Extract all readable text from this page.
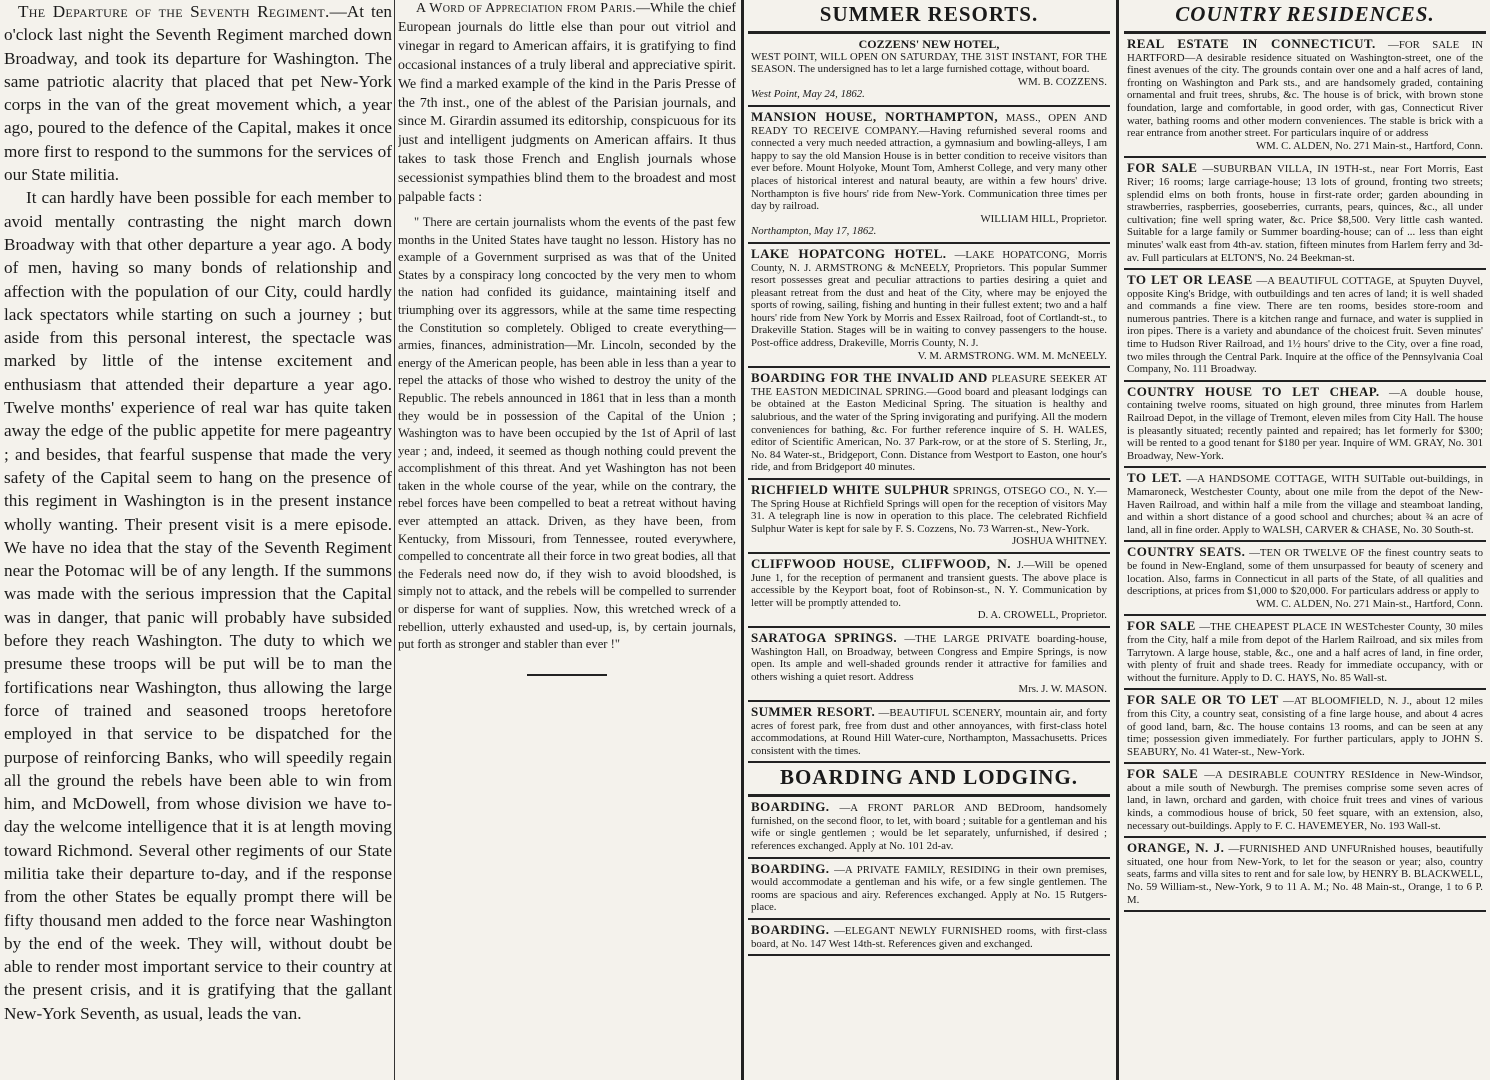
The Departure of the Seventh Regiment.—At ten o'clock last night the Seventh Regiment marched down Broadway, and took its departure for Washington. The same patriotic alacrity that placed that pet New-York corps in the van of the great movement which, a year ago, poured to the defence of the Capital, makes it once more first to respond to the summons for the services of our State militia.

It can hardly have been possible for each member to avoid mentally contrasting the night march down Broadway with that other departure a year ago. A body of men, having so many bonds of relationship and affection with the population of our City, could hardly lack spectators while starting on such a journey ; but aside from this personal interest, the spectacle was marked by little of the intense excitement and enthusiasm that attended their departure a year ago. Twelve months' experience of real war has quite taken away the edge of the public appetite for mere pageantry ; and besides, that fearful suspense that made the very safety of the Capital seem to hang on the presence of this regiment in Washington is in the present instance wholly wanting. Their present visit is a mere episode. We have no idea that the stay of the Seventh Regiment near the Potomac will be of any length. If the summons was made with the serious impression that the Capital was in danger, that panic will probably have subsided before they reach Washington. The duty to which we presume these troops will be put will be to man the fortifications near Washington, thus allowing the large force of trained and seasoned troops heretofore employed in that service to be dispatched for the purpose of reinforcing Banks, who will speedily regain all the ground the rebels have been able to win from him, and McDowell, from whose division we have to-day the welcome intelligence that it is at length moving toward Richmond. Several other regiments of our State militia take their departure to-day, and if the response from the other States be equally prompt there will be fifty thousand men added to the force near Washington by the end of the week. They will, without doubt be able to render most important service to their country at the present crisis, and it is gratifying that the gallant New-York Seventh, as usual, leads the van.

A Word of Appreciation from Paris.—While the chief European journals do little else than pour out vitriol and vinegar in regard to American affairs, it is gratifying to find occasional instances of a truly liberal and appreciative spirit. We find a marked example of the kind in the Paris Presse of the 7th inst., one of the ablest of the Parisian journals, and since M. Girardin assumed its editorship, conspicuous for its just and intelligent judgments on American affairs. It thus takes to task those French and English journals whose secessionist sympathies blind them to the broadest and most palpable facts :

" There are certain journalists whom the events of the past few months in the United States have taught no lesson. History has no example of a Government surprised as was that of the United States by a conspiracy long concocted by the very men to whom the nation had confided its guidance, maintaining itself and triumphing over its aggressors, while at the same time respecting the Constitution so completely. Obliged to create everything—armies, finances, administration—Mr. Lincoln, seconded by the energy of the American people, has been able in less than a year to repel the attacks of those who wished to destroy the unity of the Republic. The rebels announced in 1861 that in less than a month they would be in possession of the Capital of the Union ; Washington was to have been occupied by the 1st of April of last year ; and, indeed, it seemed as though nothing could prevent the accomplishment of this threat. And yet Washington has not been taken in the whole course of the year, while on the contrary, the rebel forces have been compelled to beat a retreat without having ever attempted an attack. Driven, as they have been, from Kentucky, from Missouri, from Tennessee, routed everywhere, compelled to concentrate all their force in two great bodies, all that the Federals need now do, if they wish to avoid bloodshed, is simply not to attack, and the rebels will be compelled to surrender or disperse for want of supplies. Now, this wretched wreck of a rebellion, utterly exhausted and used-up, is, by certain journals, put forth as stronger and stabler than ever !"

SUMMER RESORTS.
COZZENS' NEW HOTEL,
WEST POINT, WILL OPEN ON SATURDAY, THE 31ST INSTANT, FOR THE SEASON. The undersigned has to let a large furnished cottage, without board.
WM. B. COZZENS.
West Point, May 24, 1862.
MANSION HOUSE, NORTHAMPTON, MASS., OPEN AND READY TO RECEIVE COMPANY.—Having refurnished several rooms and connected a very much needed attraction, a gymnasium and bowling-alleys, I am happy to say the old Mansion House is in better condition to receive visitors than ever before. Mount Holyoke, Mount Tom, Amherst College, and very many other places of historical interest and natural beauty, are within a few hours' drive. Northampton is five hours' ride from New-York. Communication three times per day by railroad.
WILLIAM HILL, Proprietor.
Northampton, May 17, 1862.
LAKE HOPATCONG HOTEL. —LAKE HOPATCONG, Morris County, N. J. ARMSTRONG & McNEELY, Proprietors. This popular Summer resort possesses great and peculiar attractions to parties desiring a quiet and pleasant retreat from the dust and heat of the City, where may be enjoyed the sports of rowing, sailing, fishing and hunting in their fullest extent; two and a half hours' ride from New York by Morris and Essex Railroad, foot of Cortlandt-st., to Drakeville Station. Stages will be in waiting to convey passengers to the house. Post-office address, Drakeville, Morris County, N. J.
V. M. ARMSTRONG. WM. M. McNEELY.
BOARDING FOR THE INVALID AND PLEASURE SEEKER AT THE EASTON MEDICINAL SPRING.—Good board and pleasant lodgings can be obtained at the Easton Medicinal Spring. The situation is healthy and salubrious, and the water of the Spring invigorating and purifying. All the modern conveniences for bathing, &c. For further reference inquire of S. H. WALES, editor of Scientific American, No. 37 Park-row, or at the store of S. Sterling, Jr., No. 84 Water-st., Bridgeport, Conn. Distance from Westport to Easton, one hour's ride, and from Bridgeport 40 minutes.
RICHFIELD WHITE SULPHUR SPRINGS, OTSEGO CO., N. Y.—The Spring House at Richfield Springs will open for the reception of visitors May 31. A telegraph line is now in operation to this place. The celebrated Richfield Sulphur Water is kept for sale by F. S. Cozzens, No. 73 Warren-st., New-York.
JOSHUA WHITNEY.
CLIFFWOOD HOUSE, CLIFFWOOD, N. J.—Will be opened June 1, for the reception of permanent and transient guests. The above place is accessible by the Keyport boat, foot of Robinson-st., N. Y. Communication by letter will be promptly attended to.
D. A. CROWELL, Proprietor.
SARATOGA SPRINGS. —THE LARGE PRIVATE boarding-house, Washington Hall, on Broadway, between Congress and Empire Springs, is now open. Its ample and well-shaded grounds render it attractive for families and others wishing a quiet resort. Address
Mrs. J. W. MASON.
SUMMER RESORT. —BEAUTIFUL SCENERY, mountain air, and forty acres of forest park, free from dust and other annoyances, with first-class hotel accommodations, at Round Hill Water-cure, Northampton, Massachusetts. Prices consistent with the times.
BOARDING AND LODGING.
BOARDING. —A FRONT PARLOR AND BEDroom, handsomely furnished, on the second floor, to let, with board ; suitable for a gentleman and his wife or single gentlemen ; would be let separately, unfurnished, if desired ; references exchanged. Apply at No. 101 2d-av.
BOARDING. —A PRIVATE FAMILY, RESIDING in their own premises, would accommodate a gentleman and his wife, or a few single gentlemen. The rooms are spacious and airy. References exchanged. Apply at No. 15 Rutgers-place.
BOARDING. —ELEGANT NEWLY FURNISHED rooms, with first-class board, at No. 147 West 14th-st. References given and exchanged.
COUNTRY RESIDENCES.
REAL ESTATE IN CONNECTICUT. —FOR SALE IN HARTFORD—A desirable residence situated on Washington-street, one of the finest avenues of the city. The grounds contain over one and a half acres of land, fronting on Washington and Park sts., and are handsomely graded, containing ornamental and fruit trees, shrubs, &c. The house is of brick, with brown stone foundation, large and comfortable, in good order, with gas, Connecticut River water, bathing rooms and other modern conveniences. The stable is brick with a rear entrance from another street. For particulars inquire of or address
WM. C. ALDEN, No. 271 Main-st., Hartford, Conn.
FOR SALE —SUBURBAN VILLA, IN 19TH-st., near Fort Morris, East River; 16 rooms; large carriage-house; 13 lots of ground, fronting two streets; splendid elms on both fronts, house in first-rate order; garden abounding in strawberries, raspberries, gooseberries, currants, pears, quinces, &c., all under cultivation; fine well spring water, &c. Price $8,500. Very little cash wanted. Suitable for a large family or Summer boarding-house; can of ... less than eight minutes' walk east from 4th-av. station, fifteen minutes from Harlem ferry and 3d-av. Full particulars at ELTON'S, No. 24 Beekman-st.
TO LET OR LEASE —A BEAUTIFUL COTTAGE, at Spuyten Duyvel, opposite King's Bridge, with outbuildings and ten acres of land; it is well shaded and commands a fine view. There are ten rooms, besides store-room and numerous pantries. There is a kitchen range and furnace, and water is supplied in iron pipes. There is a variety and abundance of the choicest fruit. Seven minutes' time to Hudson River Railroad, and 1½ hours' drive to the City, over a fine road, two miles through the Central Park. Inquire at the office of the Pennsylvania Coal Company, No. 111 Broadway.
COUNTRY HOUSE TO LET CHEAP. —A double house, containing twelve rooms, situated on high ground, three minutes from Harlem Railroad Depot, in the village of Tremont, eleven miles from City Hall. The house is pleasantly situated; recently painted and repaired; has let formerly for $300; will be rented to a good tenant for $180 per year. Inquire of WM. GRAY, No. 301 Broadway, New-York.
TO LET. —A HANDSOME COTTAGE, WITH SUITable out-buildings, in Mamaroneck, Westchester County, about one mile from the depot of the New-Haven Railroad, and within half a mile from the village and steamboat landing, and within a short distance of a good school and churches; about ¾ an acre of land, all in fine order. Apply to WALSH, CARVER & CHASE, No. 30 South-st.
COUNTRY SEATS. —TEN OR TWELVE OF the finest country seats to be found in New-England, some of them unsurpassed for beauty of scenery and location. Also, farms in Connecticut in all parts of the State, of all qualities and descriptions, at prices from $1,000 to $20,000. For particulars address or apply to
WM. C. ALDEN, No. 271 Main-st., Hartford, Conn.
FOR SALE —THE CHEAPEST PLACE IN WESTchester County, 30 miles from the City, half a mile from depot of the Harlem Railroad, and six miles from Tarrytown. A large house, stable, &c., one and a half acres of land, in fine order, with plenty of fruit and shade trees. Ready for immediate occupancy, with or without the furniture. Apply to D. C. HAYS, No. 85 Wall-st.
FOR SALE OR TO LET —AT BLOOMFIELD, N. J., about 12 miles from this City, a country seat, consisting of a fine large house, and about 4 acres of good land, barn, &c. The house contains 13 rooms, and can be seen at any time; possession given immediately. For further particulars, apply to JOHN S. SEABURY, No. 41 Water-st., New-York.
FOR SALE —A DESIRABLE COUNTRY RESIdence in New-Windsor, about a mile south of Newburgh. The premises comprise some seven acres of land, in lawn, orchard and garden, with choice fruit trees and vines of various kinds, a commodious house of brick, 50 feet square, with an extension, also, necessary out-buildings. Apply to F. C. HAVEMEYER, No. 193 Wall-st.
ORANGE, N. J. —FURNISHED AND UNFURnished houses, beautifully situated, one hour from New-York, to let for the season or year; also, country seats, farms and villa sites to rent and for sale low, by HENRY B. BLACKWELL, No. 59 William-st., New-York, 9 to 11 A. M.; No. 48 Main-st., Orange, 1 to 6 P. M.
